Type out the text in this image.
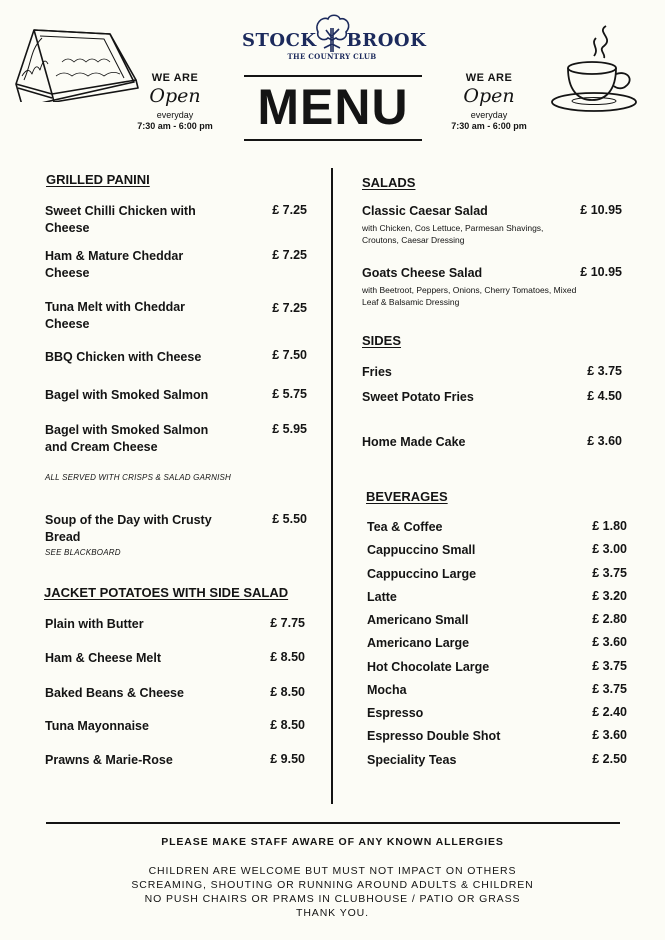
WE ARE
Open
everyday
7:30 am - 6:00 pm
STOCK BROOK
THE COUNTRY CLUB
MENU
WE ARE
Open
everyday
7:30 am - 6:00 pm
GRILLED PANINI
Sweet Chilli Chicken with Cheese
£ 7.25
Ham & Mature Cheddar Cheese
£ 7.25
Tuna Melt with Cheddar Cheese
£ 7.25
BBQ Chicken with Cheese	£ 7.50
Bagel with Smoked Salmon	£ 5.75
Bagel with Smoked Salmon and Cream Cheese
£ 5.95
ALL SERVED WITH CRISPS & SALAD GARNISH
Soup of the Day with Crusty Bread
£ 5.50
SEE BLACKBOARD
JACKET POTATOES WITH SIDE SALAD
Plain with Butter	£ 7.75
Ham & Cheese Melt	£ 8.50
Baked Beans & Cheese	£ 8.50
Tuna Mayonnaise	£ 8.50
Prawns & Marie-Rose	£ 9.50
SALADS
Classic Caesar Salad	£ 10.95
with Chicken, Cos Lettuce, Parmesan Shavings, Croutons, Caesar Dressing
Goats Cheese Salad	£ 10.95
with Beetroot, Peppers, Onions, Cherry Tomatoes, Mixed Leaf & Balsamic Dressing
SIDES
Fries	£ 3.75
Sweet Potato Fries	£ 4.50
Home Made Cake	£ 3.60
BEVERAGES
Tea & Coffee	£ 1.80
Cappuccino Small	£ 3.00
Cappuccino Large	£ 3.75
Latte	£ 3.20
Americano Small	£ 2.80
Americano Large	£ 3.60
Hot Chocolate Large	£ 3.75
Mocha	£ 3.75
Espresso	£ 2.40
Espresso Double Shot	£ 3.60
Speciality Teas	£ 2.50
PLEASE MAKE STAFF AWARE OF ANY KNOWN ALLERGIES
CHILDREN ARE WELCOME BUT MUST NOT IMPACT ON OTHERS
SCREAMING, SHOUTING OR RUNNING AROUND ADULTS & CHILDREN
NO PUSH CHAIRS OR PRAMS IN CLUBHOUSE / PATIO OR GRASS
THANK YOU.
